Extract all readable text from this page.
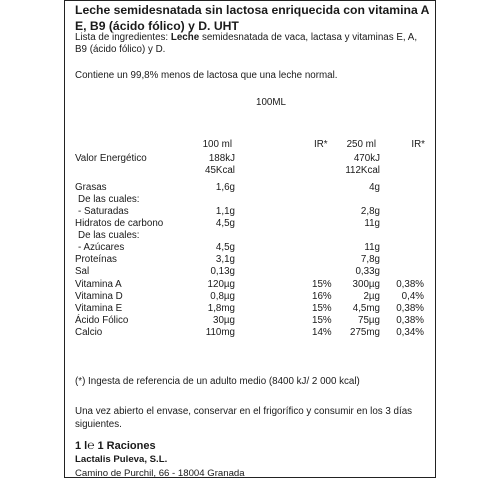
Leche semidesnatada sin lactosa enriquecida con vitamina A
E, B9 (ácido fólico) y D. UHT
Lista de ingredientes: Leche semidesnatada de vaca, lactasa y vitaminas E, A, B9 (ácido fólico) y D.
Contiene un 99,8% menos de lactosa que una leche normal.
100ML
100 ml	IR* 250 ml	IR*
Valor Energético	188kJ	470kJ
45Kcal	112Kcal
Grasas	1,6g	4g
De las cuales:
- Saturadas	1,1g	2,8g
Hidratos de carbono	4,5g	11g
De las cuales:
- Azúcares	4,5g	11g
Proteínas	3,1g	7,8g
Sal	0,13g	0,33g
Vitamina A	120µg	15% 300µg 0,38%
Vitamina D	0,8µg	16%	2µg 0,4%
Vitamina E	1,8mg	15% 4,5mg 0,38%
Ácido Fólico	30µg	15%	75µg 0,38%
Calcio	110mg	14% 275mg 0,34%
(*) Ingesta de referencia de un adulto medio (8400 kJ/ 2 000 kcal)
Una vez abierto el envase, conservar en el frigorífico y consumir en los 3 días
siguientes.
1 l℮ 1 Raciones
Lactalis Puleva, S.L.
Camino de Purchil, 66 - 18004 Granada
